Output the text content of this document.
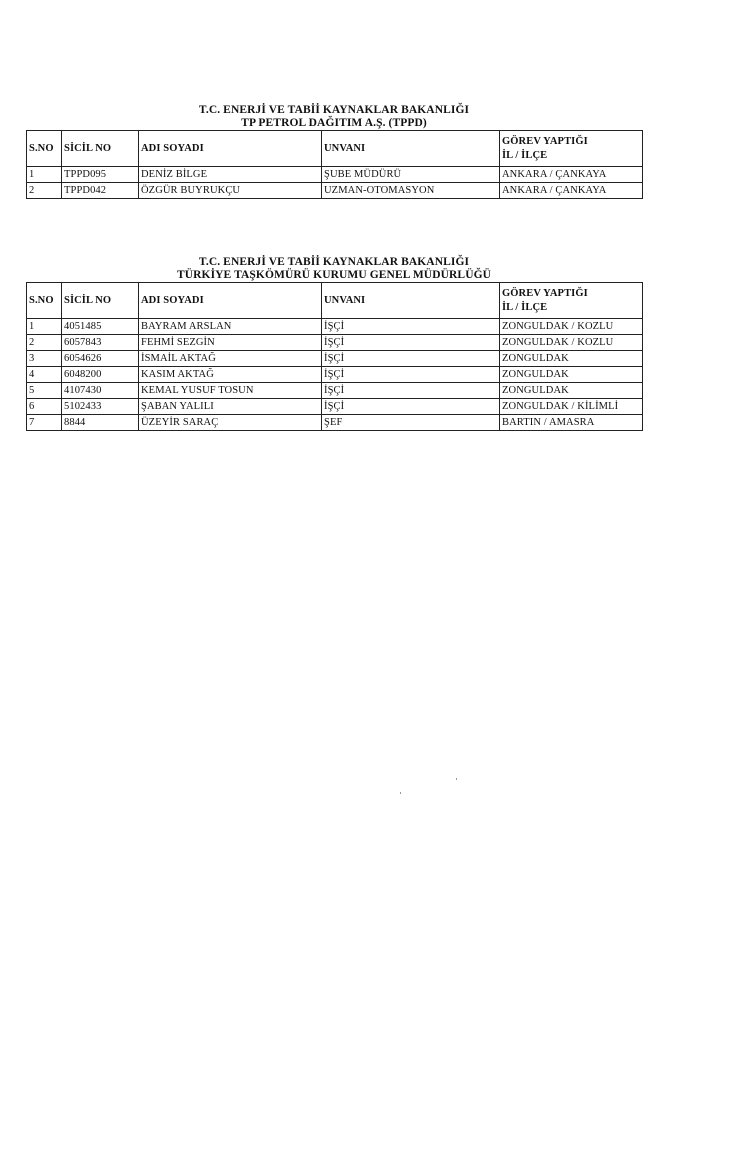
T.C. ENERJİ VE TABİİ KAYNAKLAR BAKANLIĞI
TP PETROL DAĞITIM A.Ş. (TPPD)
S.NO	SİCİL NO	ADI SOYADI	UNVANI	GÖREV YAPTIĞI
İL / İLÇE

1	TPPD095	DENİZ BİLGE	ŞUBE MÜDÜRÜ	ANKARA / ÇANKAYA
2	TPPD042	ÖZGÜR BUYRUKÇU	UZMAN-OTOMASYON	ANKARA / ÇANKAYA
T.C. ENERJİ VE TABİİ KAYNAKLAR BAKANLIĞI
TÜRKİYE TAŞKÖMÜRÜ KURUMU GENEL MÜDÜRLÜĞÜ
S.NO	SİCİL NO	ADI SOYADI	UNVANI	GÖREV YAPTIĞI
İL / İLÇE

1	4051485	BAYRAM ARSLAN	İŞÇİ	ZONGULDAK / KOZLU
2	6057843	FEHMİ SEZGİN	İŞÇİ	ZONGULDAK / KOZLU
3	6054626	İSMAİL AKTAĞ	İŞÇİ	ZONGULDAK
4	6048200	KASIM AKTAĞ	İŞÇİ	ZONGULDAK
5	4107430	KEMAL YUSUF TOSUN	İŞÇİ	ZONGULDAK
6	5102433	ŞABAN YALILI	İŞÇİ	ZONGULDAK / KİLİMLİ
7	8844	ÜZEYİR SARAÇ	ŞEF	BARTIN / AMASRA
